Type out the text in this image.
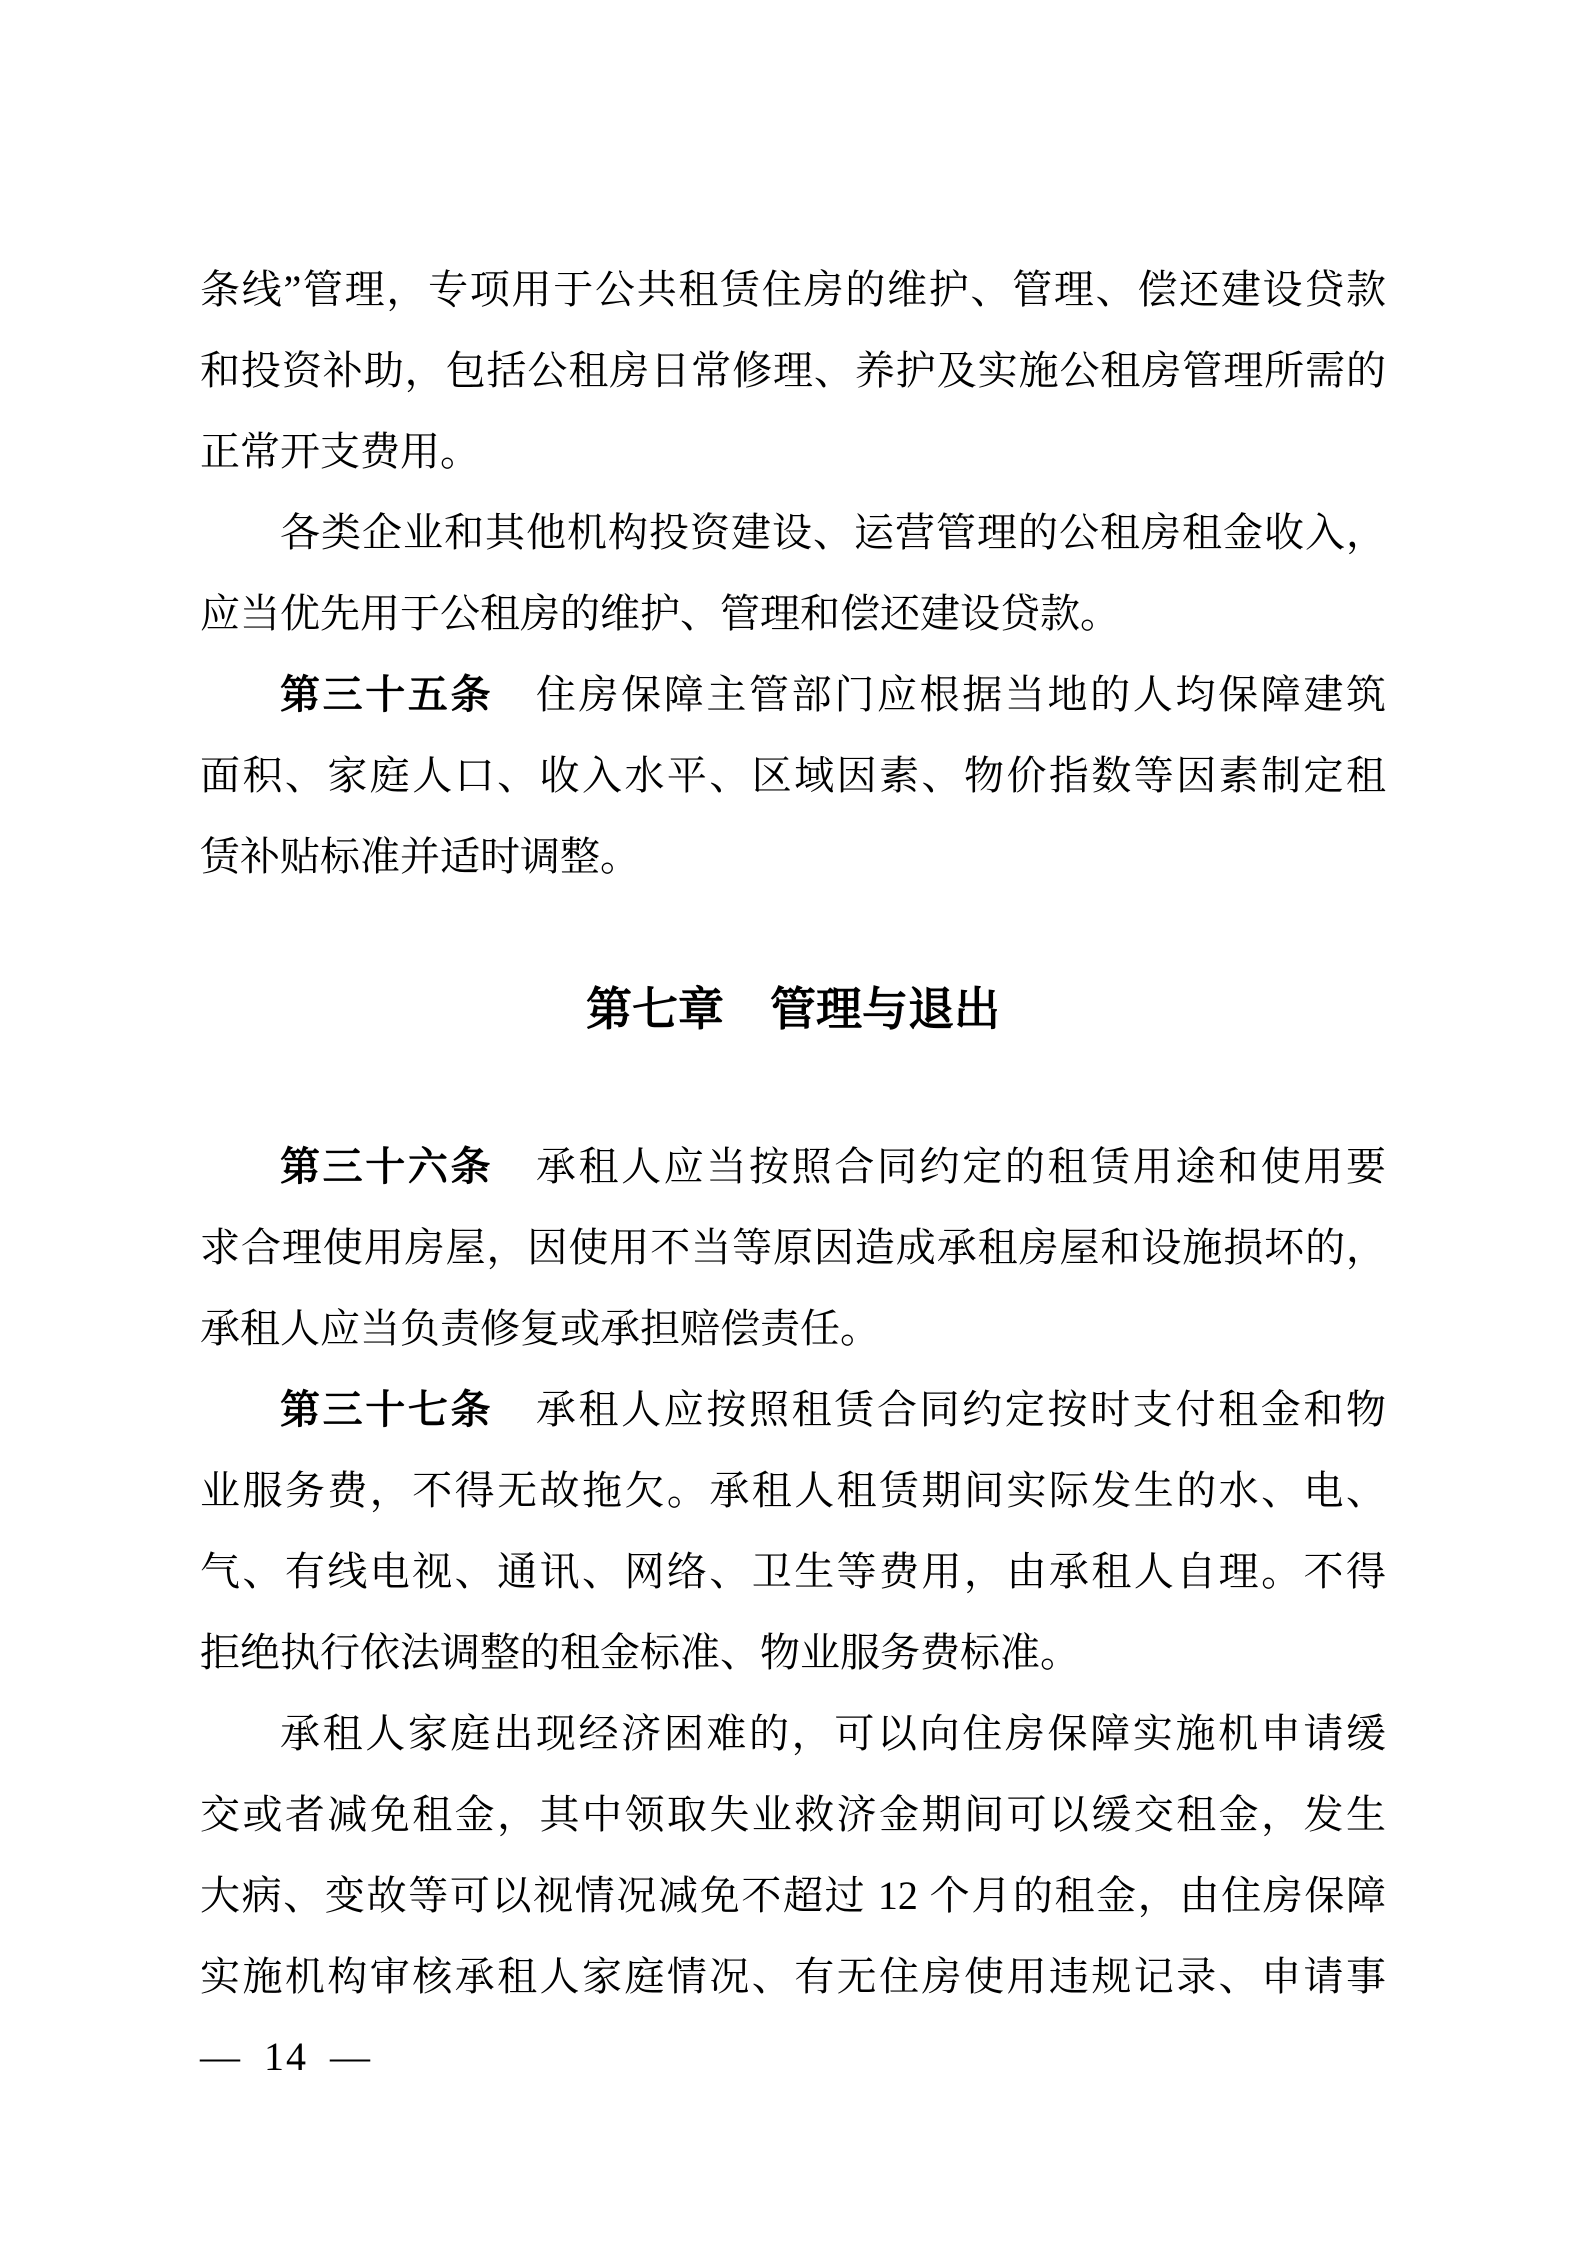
条线”管理，专项用于公共租赁住房的维护、管理、偿还建设贷款
和投资补助，包括公租房日常修理、养护及实施公租房管理所需的
正常开支费用。
各类企业和其他机构投资建设、运营管理的公租房租金收入，
应当优先用于公租房的维护、管理和偿还建设贷款。
第三十五条　住房保障主管部门应根据当地的人均保障建筑
面积、家庭人口、收入水平、区域因素、物价指数等因素制定租
赁补贴标准并适时调整。
第七章　管理与退出
第三十六条　承租人应当按照合同约定的租赁用途和使用要
求合理使用房屋，因使用不当等原因造成承租房屋和设施损坏的，
承租人应当负责修复或承担赔偿责任。
第三十七条　承租人应按照租赁合同约定按时支付租金和物
业服务费，不得无故拖欠。承租人租赁期间实际发生的水、电、
气、有线电视、通讯、网络、卫生等费用，由承租人自理。不得
拒绝执行依法调整的租金标准、物业服务费标准。
承租人家庭出现经济困难的，可以向住房保障实施机申请缓
交或者减免租金，其中领取失业救济金期间可以缓交租金，发生
大病、变故等可以视情况减免不超过 12 个月的租金，由住房保障
实施机构审核承租人家庭情况、有无住房使用违规记录、申请事
— 14 —
